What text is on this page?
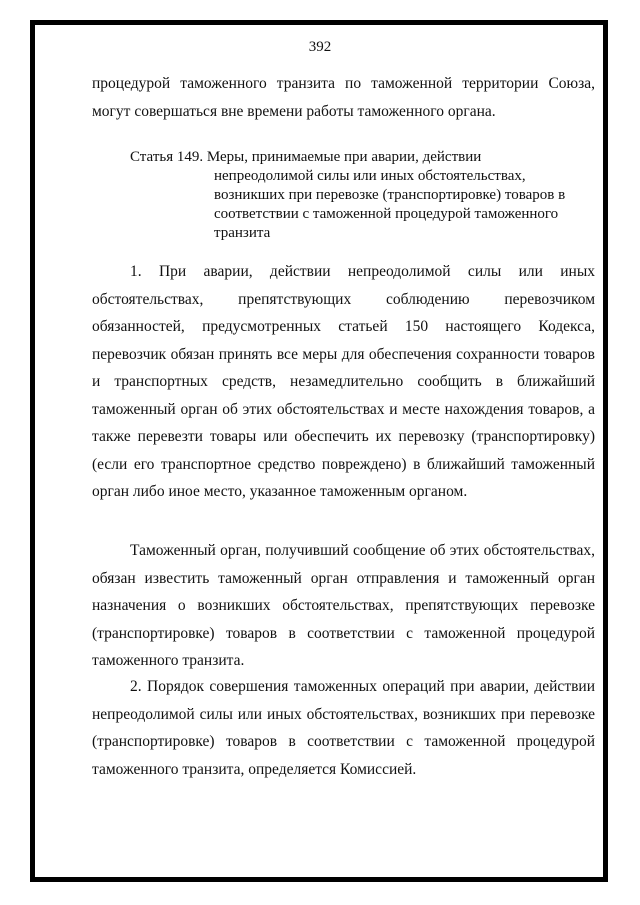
392

процедурой таможенного транзита по таможенной территории Союза, могут совершаться вне времени работы таможенного органа.

Статья 149. Меры, принимаемые при аварии, действии
непреодолимой силы или иных обстоятельствах, возникших при перевозке (транспортировке) товаров в соответствии с таможенной процедурой таможенного транзита

1. При аварии, действии непреодолимой силы или иных обстоятельствах, препятствующих соблюдению перевозчиком обязанностей, предусмотренных статьей 150 настоящего Кодекса, перевозчик обязан принять все меры для обеспечения сохранности товаров и транспортных средств, незамедлительно сообщить в ближайший таможенный орган об этих обстоятельствах и месте нахождения товаров, а также перевезти товары или обеспечить их перевозку (транспортировку) (если его транспортное средство повреждено) в ближайший таможенный орган либо иное место, указанное таможенным органом.

Таможенный орган, получивший сообщение об этих обстоятельствах, обязан известить таможенный орган отправления и таможенный орган назначения о возникших обстоятельствах, препятствующих перевозке (транспортировке) товаров в соответствии с таможенной процедурой таможенного транзита.

2. Порядок совершения таможенных операций при аварии, действии непреодолимой силы или иных обстоятельствах, возникших при перевозке (транспортировке) товаров в соответствии с таможенной процедурой таможенного транзита, определяется Комиссией.
